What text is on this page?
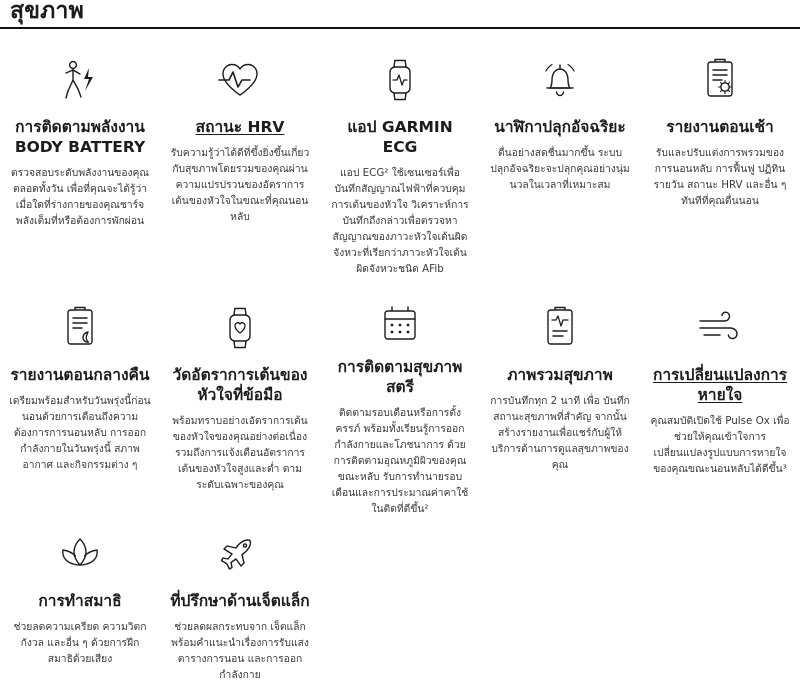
สุขภาพ
การติดตามพลังงาน BODY BATTERY
ตรวจสอบระดับพลังงานของคุณตลอดทั้งวัน เพื่อที่คุณจะได้รู้ว่าเมื่อใดที่ร่างกายของคุณชาร์จพลังเต็มที่หรือต้องการพักผ่อน
สถานะ HRV
รับความรู้ว่าได้ดีที่ขึ้งยิ่งขึ้นเกี่ยวกับสุขภาพโดยรวมของคุณผ่านความแปรปรวนของอัตราการเต้นของหัวใจในขณะที่คุณนอนหลับ
แอป GARMIN ECG
แอป ECG² ใช้เซนเซอร์เพื่อบันทึกสัญญาณไฟฟ้าที่ควบคุมการเต้นของหัวใจ วิเคราะห์การบันทึกถึงกล่าวเพื่อตรวจหาสัญญาณของภาวะหัวใจเต้นผิดจังหวะที่เรียกว่าภาวะหัวใจเต้นผิดจังหวะชนิด AFib
นาฬิกาปลุกอัจฉริยะ
ตื่นอย่างสดชื่นมากขึ้น ระบบปลุกอัจฉริยะจะปลุกคุณอย่างนุ่มนวลในเวลาที่เหมาะสม
รายงานตอนเช้า
รับและปรับแต่งการพรวมของการนอนหลับ การฟื้นฟู ปฏิทินรายวัน สถานะ HRV และอื่น ๆ ทันทีที่คุณตื่นนอน
รายงานตอนกลางคืน
เตรียมพร้อมสำหรับวันพรุ่งนี้ก่อนนอนด้วยการเตือนถึงความต้องการการนอนหลับ การออกกำลังกายในวันพรุ่งนี้ สภาพอากาศ และกิจกรรมต่าง ๆ
วัดอัตราการเต้นของหัวใจที่ข้อมือ
พร้อมทราบอย่างเอัตราการเต้นของหัวใจของคุณอย่างต่อเนื่อง รวมถึงการแจ้งเตือนอัตราการเต้นของหัวใจสูงและต่ำ ตามระดับเฉพาะของคุณ
การติดตามสุขภาพสตรี
ติดตามรอบเดือนหรือการตั้งครรภ์ พร้อมทั้งเรียนรู้การออกกำลังกายและโภชนาการ ด้วยการติดตามอุณหภูมิผิวของคุณขณะหลับ รับการทำนายรอบเดือนและการประมาณค่าคาใช้ในติดที่ดีขึ้น²
ภาพรวมสุขภาพ
การบันทึกทุก 2 นาที เพื่อ บันทึกสถานะสุขภาพที่สำคัญ จากนั้นสร้างรายงานเพื่อแชร์กับผู้ให้บริการด้านการดูแลสุขภาพของคุณ
การเปลี่ยนแปลงการหายใจ
คุณสมบัติเปิดใช้ Pulse Ox เพื่อช่วยให้คุณเข้าใจการเปลี่ยนแปลงรูปแบบการหายใจของคุณขณะนอนหลับได้ดีขึ้น³
การทำสมาธิ
ช่วยลดความเครียด ความวิตกกังวล และอื่น ๆ ด้วยการฝึกสมาธิด้วยเสียง
ที่ปรึกษาด้านเจ็ตแล็ก
ช่วยลดผลกระทบจาก เจ็ตแล็ก พร้อมคำแนะนำเรื่องการรับแสง ตารางการนอน และการออกกำลังกาย
